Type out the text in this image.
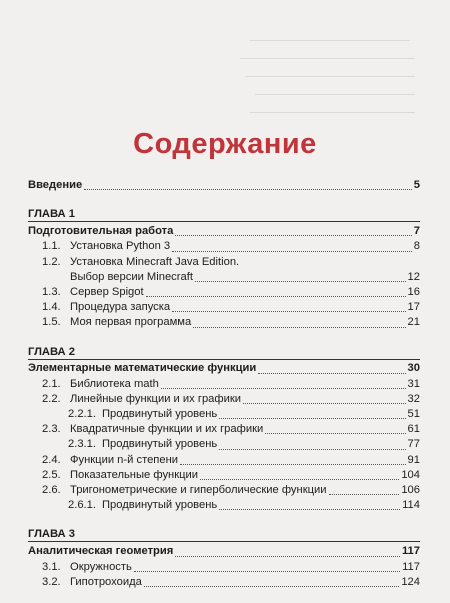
Содержание
Введение	5
ГЛАВА 1
Подготовительная работа	7
1.1. Установка Python 3	8
1.2. Установка Minecraft Java Edition.
Выбор версии Minecraft	12
1.3. Сервер Spigot	16
1.4. Процедура запуска	17
1.5. Моя первая программа	21
ГЛАВА 2
Элементарные математические функции	30
2.1. Библиотека math	31
2.2. Линейные функции и их графики	32
2.2.1. Продвинутый уровень	51
2.3. Квадратичные функции и их графики	61
2.3.1. Продвинутый уровень	77
2.4. Функции n-й степени	91
2.5. Показательные функции	104
2.6. Тригонометрические и гиперболические функции	106
2.6.1. Продвинутый уровень	114
ГЛАВА 3
Аналитическая геометрия	117
3.1. Окружность	117
3.2. Гипотрохоида	124
